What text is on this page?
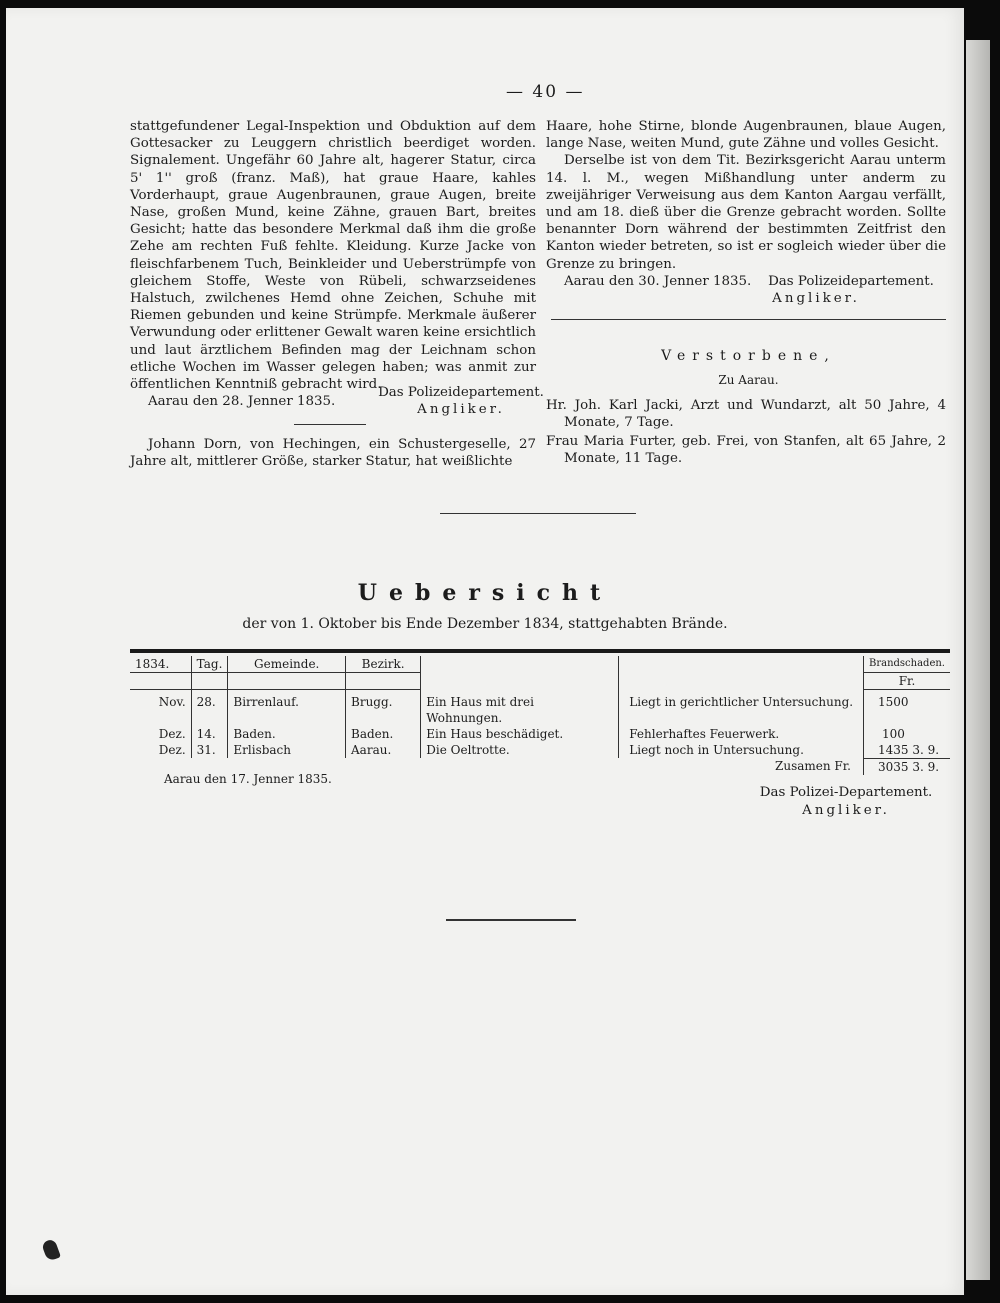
— 40 —

stattgefundener Legal-Inspektion und Obduktion auf dem Gottesacker zu Leuggern christlich beerdiget worden. Signalement. Ungefähr 60 Jahre alt, hagerer Statur, circa 5' 1'' groß (franz. Maß), hat graue Haare, kahles Vorderhaupt, graue Augenbraunen, graue Augen, breite Nase, großen Mund, keine Zähne, grauen Bart, breites Gesicht; hatte das besondere Merkmal daß ihm die große Zehe am rechten Fuß fehlte. Kleidung. Kurze Jacke von fleischfarbenem Tuch, Beinkleider und Ueberstrümpfe von gleichem Stoffe, Weste von Rübeli, schwarzseidenes Halstuch, zwilchenes Hemd ohne Zeichen, Schuhe mit Riemen gebunden und keine Strümpfe. Merkmale äußerer Verwundung oder erlittener Gewalt waren keine ersichtlich und laut ärztlichem Befinden mag der Leichnam schon etliche Wochen im Wasser gelegen haben; was anmit zur öffentlichen Kenntniß gebracht wird.

Aarau den 28. Jenner 1835.

Das Polizeidepartement.
Angliker.
Johann Dorn, von Hechingen, ein Schustergeselle, 27 Jahre alt, mittlerer Größe, starker Statur, hat weißlichte

Haare, hohe Stirne, blonde Augenbraunen, blaue Augen, lange Nase, weiten Mund, gute Zähne und volles Gesicht.

Derselbe ist von dem Tit. Bezirksgericht Aarau unterm 14. l. M., wegen Mißhandlung unter anderm zu zweijähriger Verweisung aus dem Kanton Aargau verfällt, und am 18. dieß über die Grenze gebracht worden. Sollte benannter Dorn während der bestimmten Zeitfrist den Kanton wieder betreten, so ist er sogleich wieder über die Grenze zu bringen.

Aarau den 30. Jenner 1835.	Das Polizeidepartement.
Angliker.
Verstorbene,
Zu Aarau.
Hr. Joh. Karl Jacki, Arzt und Wundarzt, alt 50 Jahre, 4 Monate, 7 Tage.
Frau Maria Furter, geb. Frei, von Stanfen, alt 65 Jahre, 2 Monate, 11 Tage.
Uebersicht
der von 1. Oktober bis Ende Dezember 1834, stattgehabten Brände.
1834.	Tag.	Gemeinde.	Bezirk.			Brandschaden.
						Fr.
Nov.	28.	Birrenlauf.	Brugg.	Ein Haus mit drei Wohnungen.	Liegt in gerichtlicher Untersuchung.	1500
Dez.	14.	Baden.	Baden.	Ein Haus beschädiget.	Fehlerhaftes Feuerwerk.	100
Dez.	31.	Erlisbach	Aarau.	Die Oeltrotte.	Liegt noch in Untersuchung.	1435 3. 9.
Zusamen Fr.						3035 3. 9.
Aarau den 17. Jenner 1835.
Das Polizei-Departement.
Angliker.
